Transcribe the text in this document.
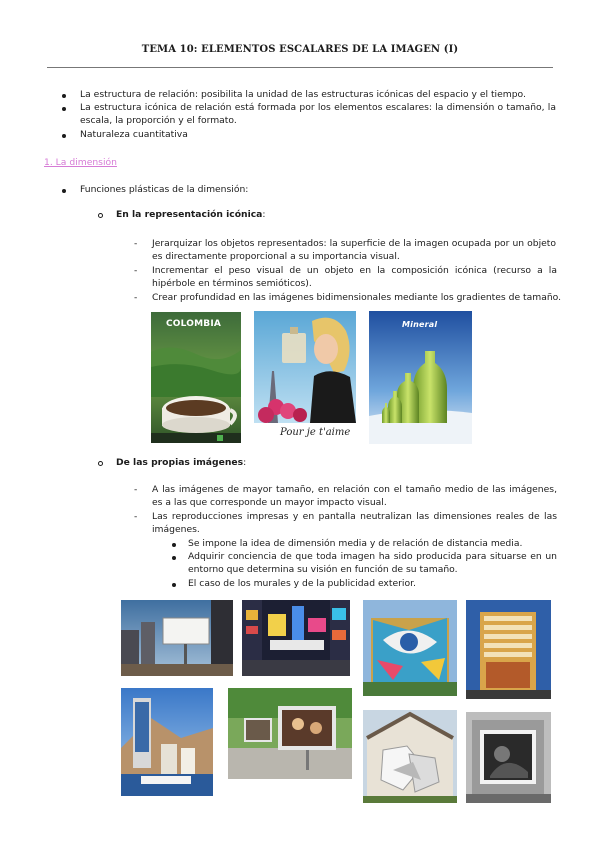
TEMA 10: ELEMENTOS ESCALARES DE LA IMAGEN (I)
La estructura de relación: posibilita la unidad de las estructuras icónicas del espacio y el tiempo.
La estructura icónica de relación está formada por los elementos escalares: la dimensión o tamaño, la escala, la proporción y el formato.
Naturaleza cuantitativa
1. La dimensión
Funciones plásticas de la dimensión:
En la representación icónica:
- Jerarquizar los objetos representados: la superficie de la imagen ocupada por un objeto es directamente proporcional a su importancia visual.
- Incrementar el peso visual de un objeto en la composición icónica (recurso a la hipérbole en términos semióticos).
- Crear profundidad en las imágenes bidimensionales mediante los gradientes de tamaño.
COLOMBIA
Pour je t'aime
Mineral
De las propias imágenes:
- A las imágenes de mayor tamaño, en relación con el tamaño medio de las imágenes, es a las que corresponde un mayor impacto visual.
- Las reproducciones impresas y en pantalla neutralizan las dimensiones reales de las imágenes.
Se impone la idea de dimensión media y de relación de distancia media.
Adquirir conciencia de que toda imagen ha sido producida para situarse en un entorno que determina su visión en función de su tamaño.
El caso de los murales y de la publicidad exterior.
